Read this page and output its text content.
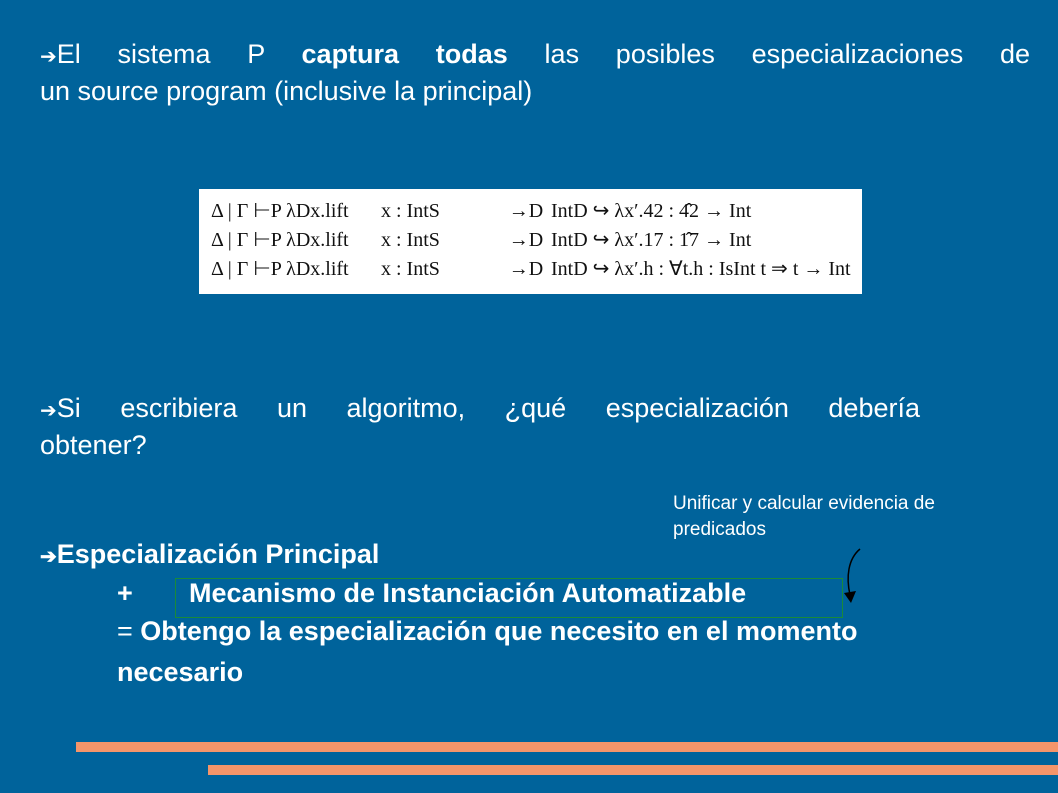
➔El sistema P captura todas las posibles especializaciones de
un source program (inclusive la principal)
Δ | Γ ⊢P λDx.lift x : IntS	→D IntD ↪ λx′.42 : 4̂2 → Int
Δ | Γ ⊢P λDx.lift x : IntS	→D IntD ↪ λx′.17 : 1̂7 → Int
Δ | Γ ⊢P λDx.lift x : IntS	→D IntD ↪ λx′.h : ∀t.h : IsInt t ⇒ t → Int
➔Si escribiera un algoritmo, ¿qué especialización debería
obtener?
Unificar y calcular evidencia de
predicados
➔Especialización Principal
+ Mecanismo de Instanciación Automatizable
= Obtengo la especialización que necesito en el momento
necesario
